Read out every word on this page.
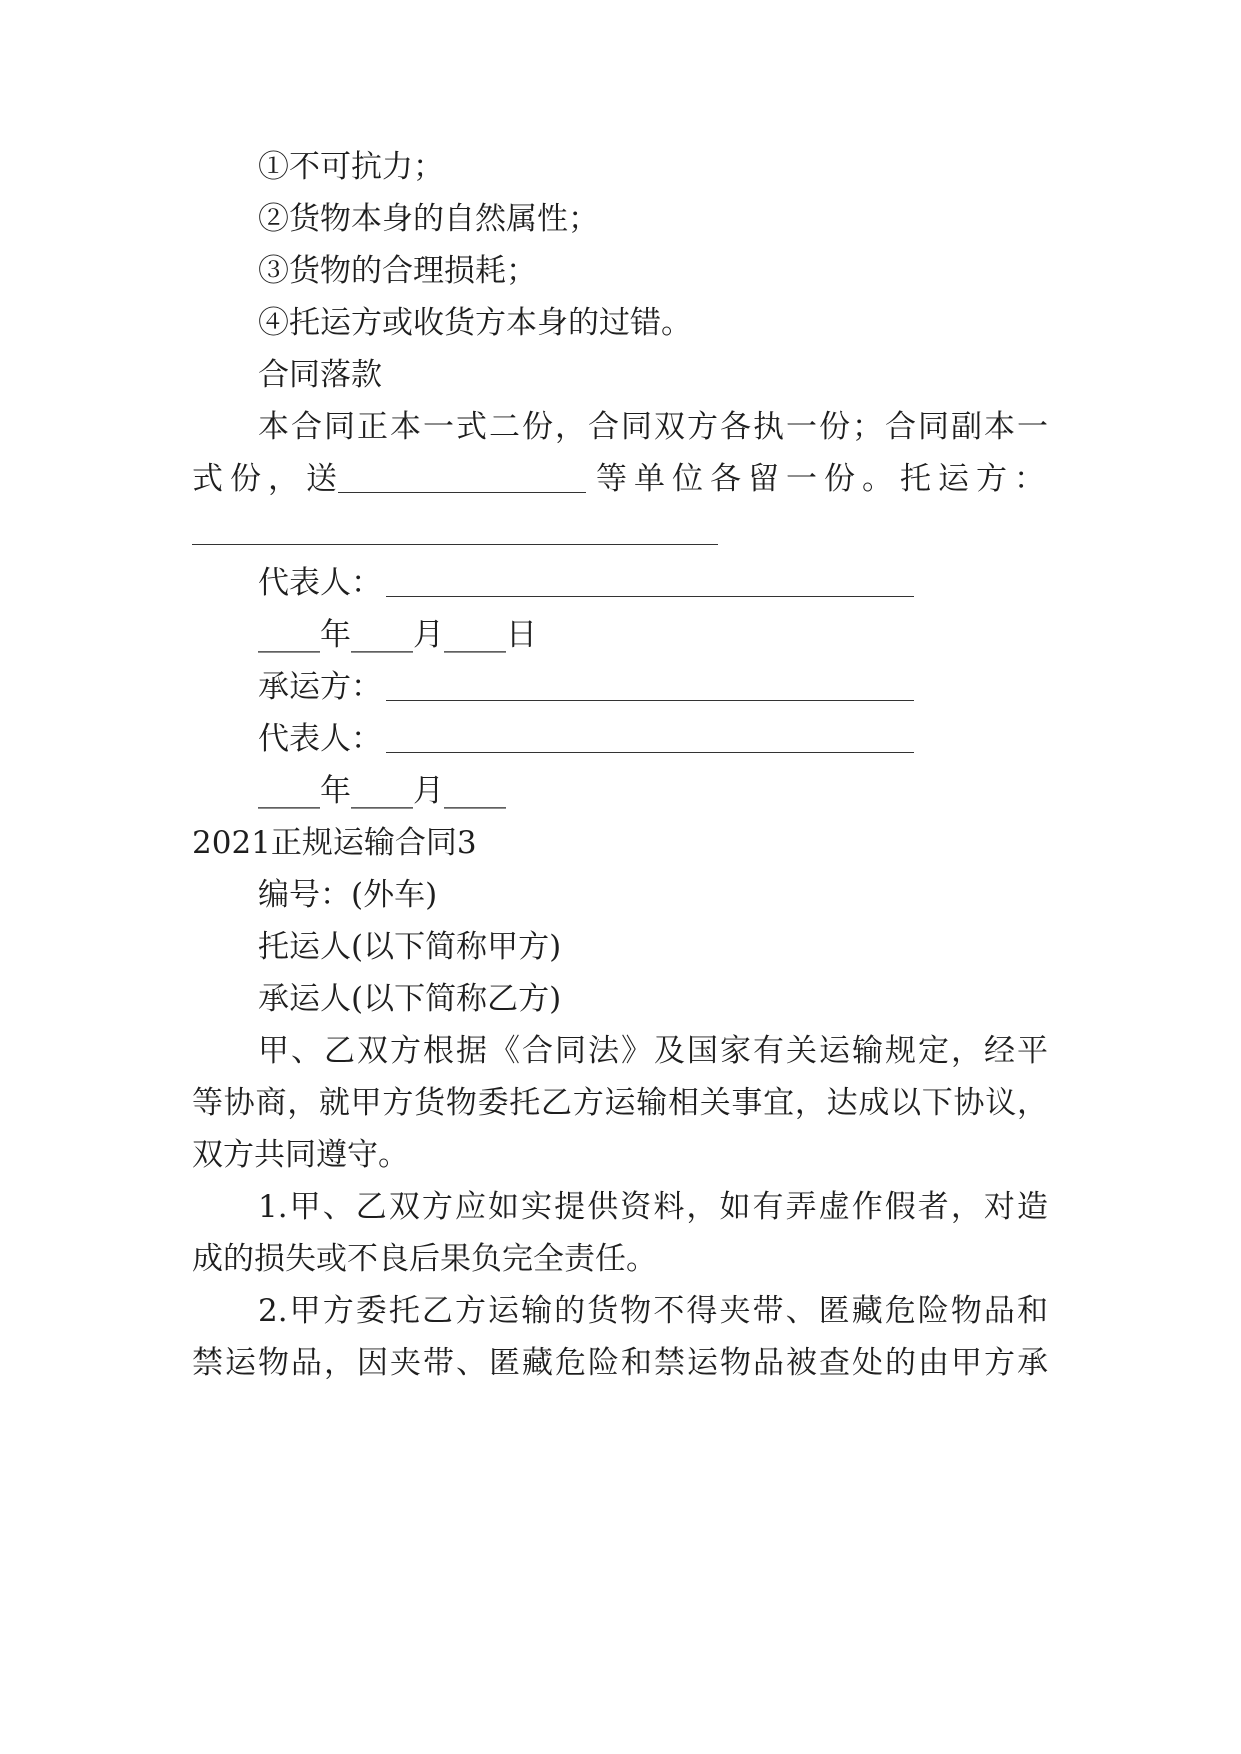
①不可抗力；
②货物本身的自然属性；
③货物的合理损耗；
④托运方或收货方本身的过错。
合同落款
本合同正本一式二份，合同双方各执一份；合同副本一
式份，送	等单位各留一份。托运方：
代表人：
____年____月____日
承运方：
代表人：
____年____月____
2021正规运输合同3
编号：(外车)
托运人(以下简称甲方)
承运人(以下简称乙方)
甲、乙双方根据《合同法》及国家有关运输规定，经平
等协商，就甲方货物委托乙方运输相关事宜，达成以下协议，
双方共同遵守。
1.甲、乙双方应如实提供资料，如有弄虚作假者，对造
成的损失或不良后果负完全责任。
2.甲方委托乙方运输的货物不得夹带、匿藏危险物品和
禁运物品，因夹带、匿藏危险和禁运物品被查处的由甲方承
